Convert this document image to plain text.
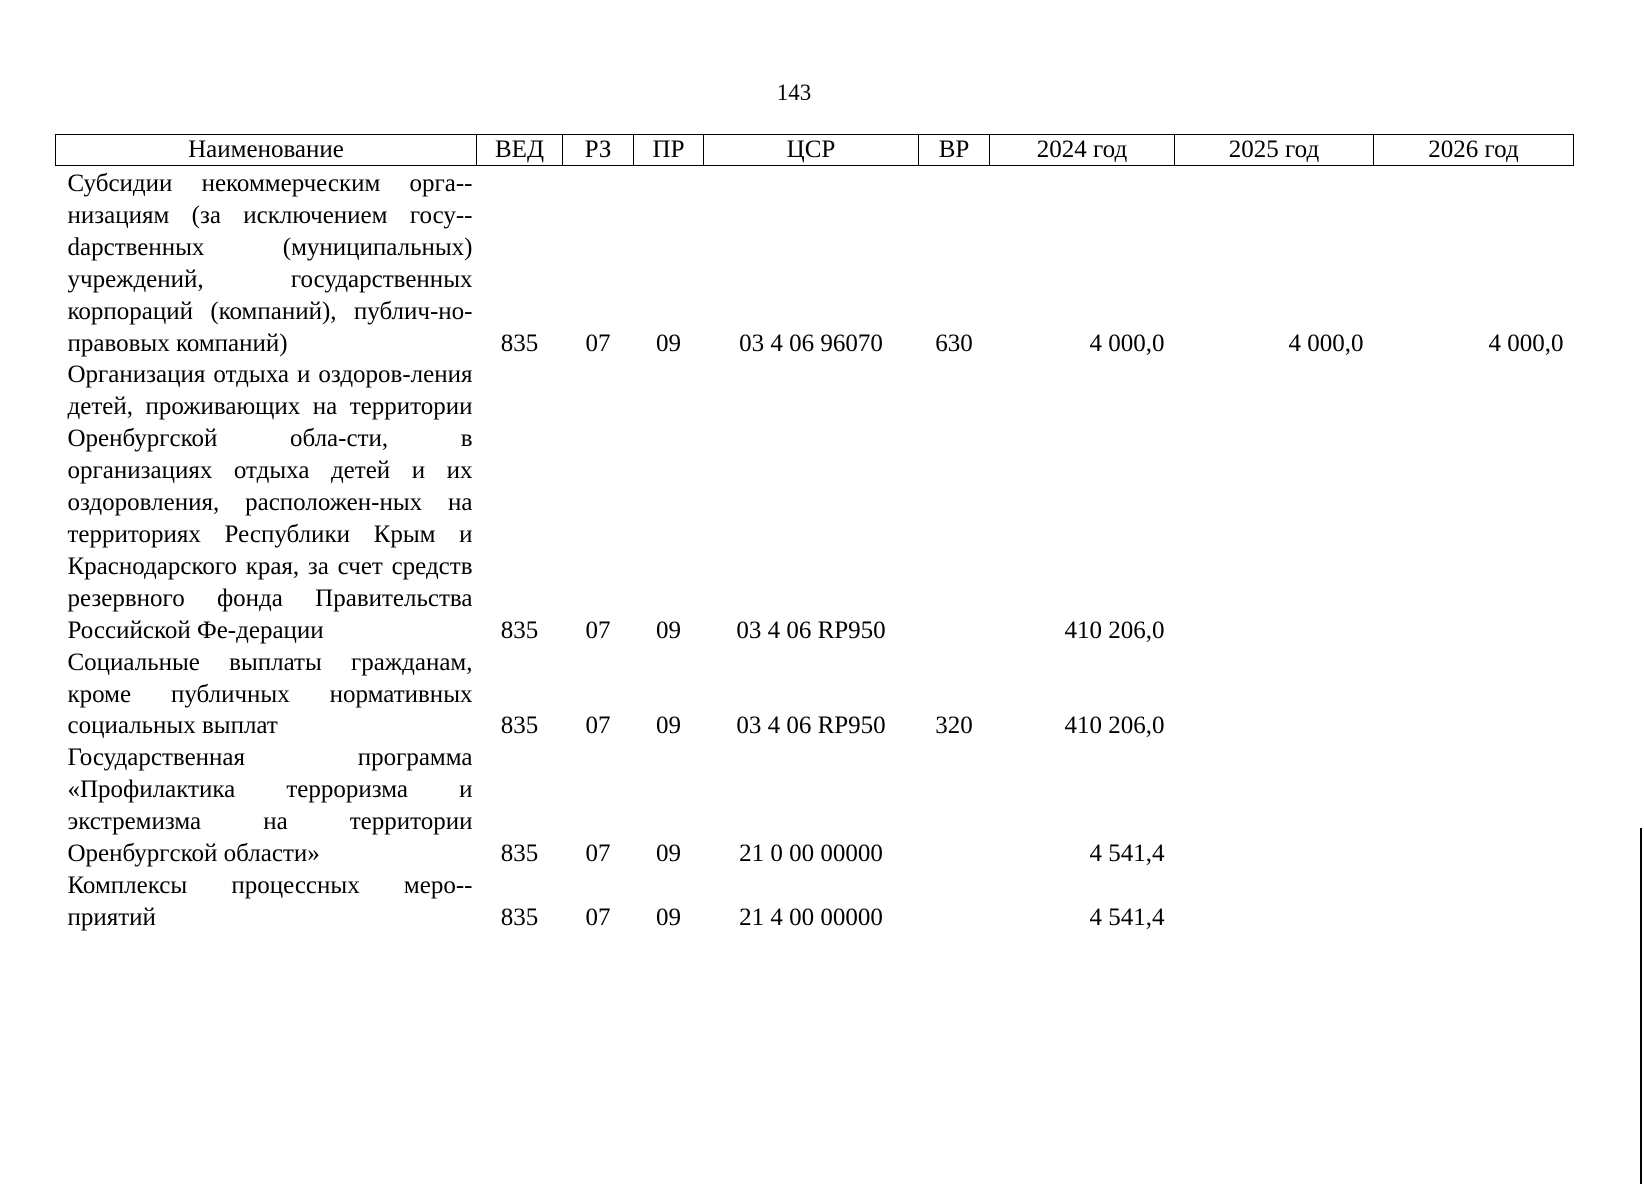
143
Наименование	ВЕД	РЗ	ПР	ЦСР	ВР	2024 год	2025 год	2026 год
Субсидии некоммерческим орга-низациям (за исключением госу-dарственных (муниципальных) учреждений, государственных корпораций (компаний), публич-но-правовых компаний)	835	07	09	03 4 06 96070	630	4 000,0	4 000,0	4 000,0
Организация отдыха и оздоров-ления детей, проживающих на территории Оренбургской обла-сти, в организациях отдыха детей и их оздоровления, расположен-ных на территориях Республики Крым и Краснодарского края, за счет средств резервного фонда Правительства Российской Фе-дерации	835	07	09	03 4 06 RP950		410 206,0		
Социальные выплаты гражданам, кроме публичных нормативных социальных выплат	835	07	09	03 4 06 RP950	320	410 206,0		
Государственная программа «Профилактика терроризма и экстремизма на территории Оренбургской области»	835	07	09	21 0 00 00000		4 541,4		
Комплексы процессных меро-приятий	835	07	09	21 4 00 00000		4 541,4		
